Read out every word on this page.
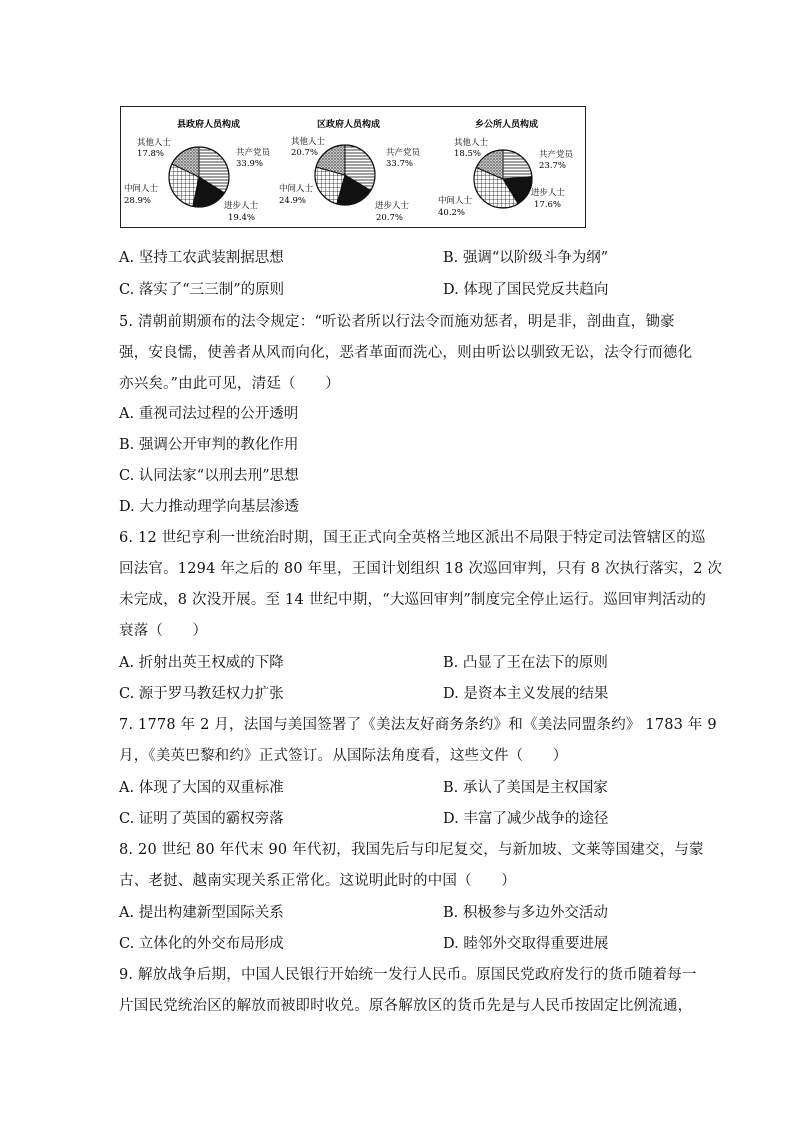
县政府人员构成
其他人士
17.8%	共产党员
33.9%
中间人士
28.9%	进步人士
19.4%
区政府人员构成
其他人士
20.7%	共产党员
33.7%
中间人士
24.9%	进步人士
20.7%
乡公所人员构成
其他人士
18.5%	共产党员
23.7%
中间人士
40.2%
进步人士
17.6%
A. 坚持工农武装割据思想	B. 强调“以阶级斗争为纲”
C. 落实了“三三制”的原则	D. 体现了国民党反共趋向
5. 清朝前期颁布的法令规定：“听讼者所以行法令而施劝惩者，明是非，剖曲直，锄豪
强，安良懦，使善者从风而向化，恶者革面而洗心，则由听讼以驯致无讼，法令行而德化
亦兴矣。”由此可见，清廷（　　）
A. 重视司法过程的公开透明
B. 强调公开审判的教化作用
C. 认同法家“以刑去刑”思想
D. 大力推动理学向基层渗透
6. 12 世纪亨利一世统治时期，国王正式向全英格兰地区派出不局限于特定司法管辖区的巡
回法官。1294 年之后的 80 年里，王国计划组织 18 次巡回审判，只有 8 次执行落实，2 次
未完成，8 次没开展。至 14 世纪中期，“大巡回审判”制度完全停止运行。巡回审判活动的
衰落（　　）
A. 折射出英王权威的下降	B. 凸显了王在法下的原则
C. 源于罗马教廷权力扩张	D. 是资本主义发展的结果
7. 1778 年 2 月，法国与美国签署了《美法友好商务条约》和《美法同盟条约》 1783 年 9
月，《美英巴黎和约》正式签订。从国际法角度看，这些文件（　　）
A. 体现了大国的双重标准	B. 承认了美国是主权国家
C. 证明了英国的霸权旁落	D. 丰富了减少战争的途径
8. 20 世纪 80 年代末 90 年代初，我国先后与印尼复交，与新加坡、文莱等国建交，与蒙
古、老挝、越南实现关系正常化。这说明此时的中国（　　）
A. 提出构建新型国际关系	B. 积极参与多边外交活动
C. 立体化的外交布局形成	D. 睦邻外交取得重要进展
9. 解放战争后期，中国人民银行开始统一发行人民币。原国民党政府发行的货币随着每一
片国民党统治区的解放而被即时收兑。原各解放区的货币先是与人民币按固定比例流通，
